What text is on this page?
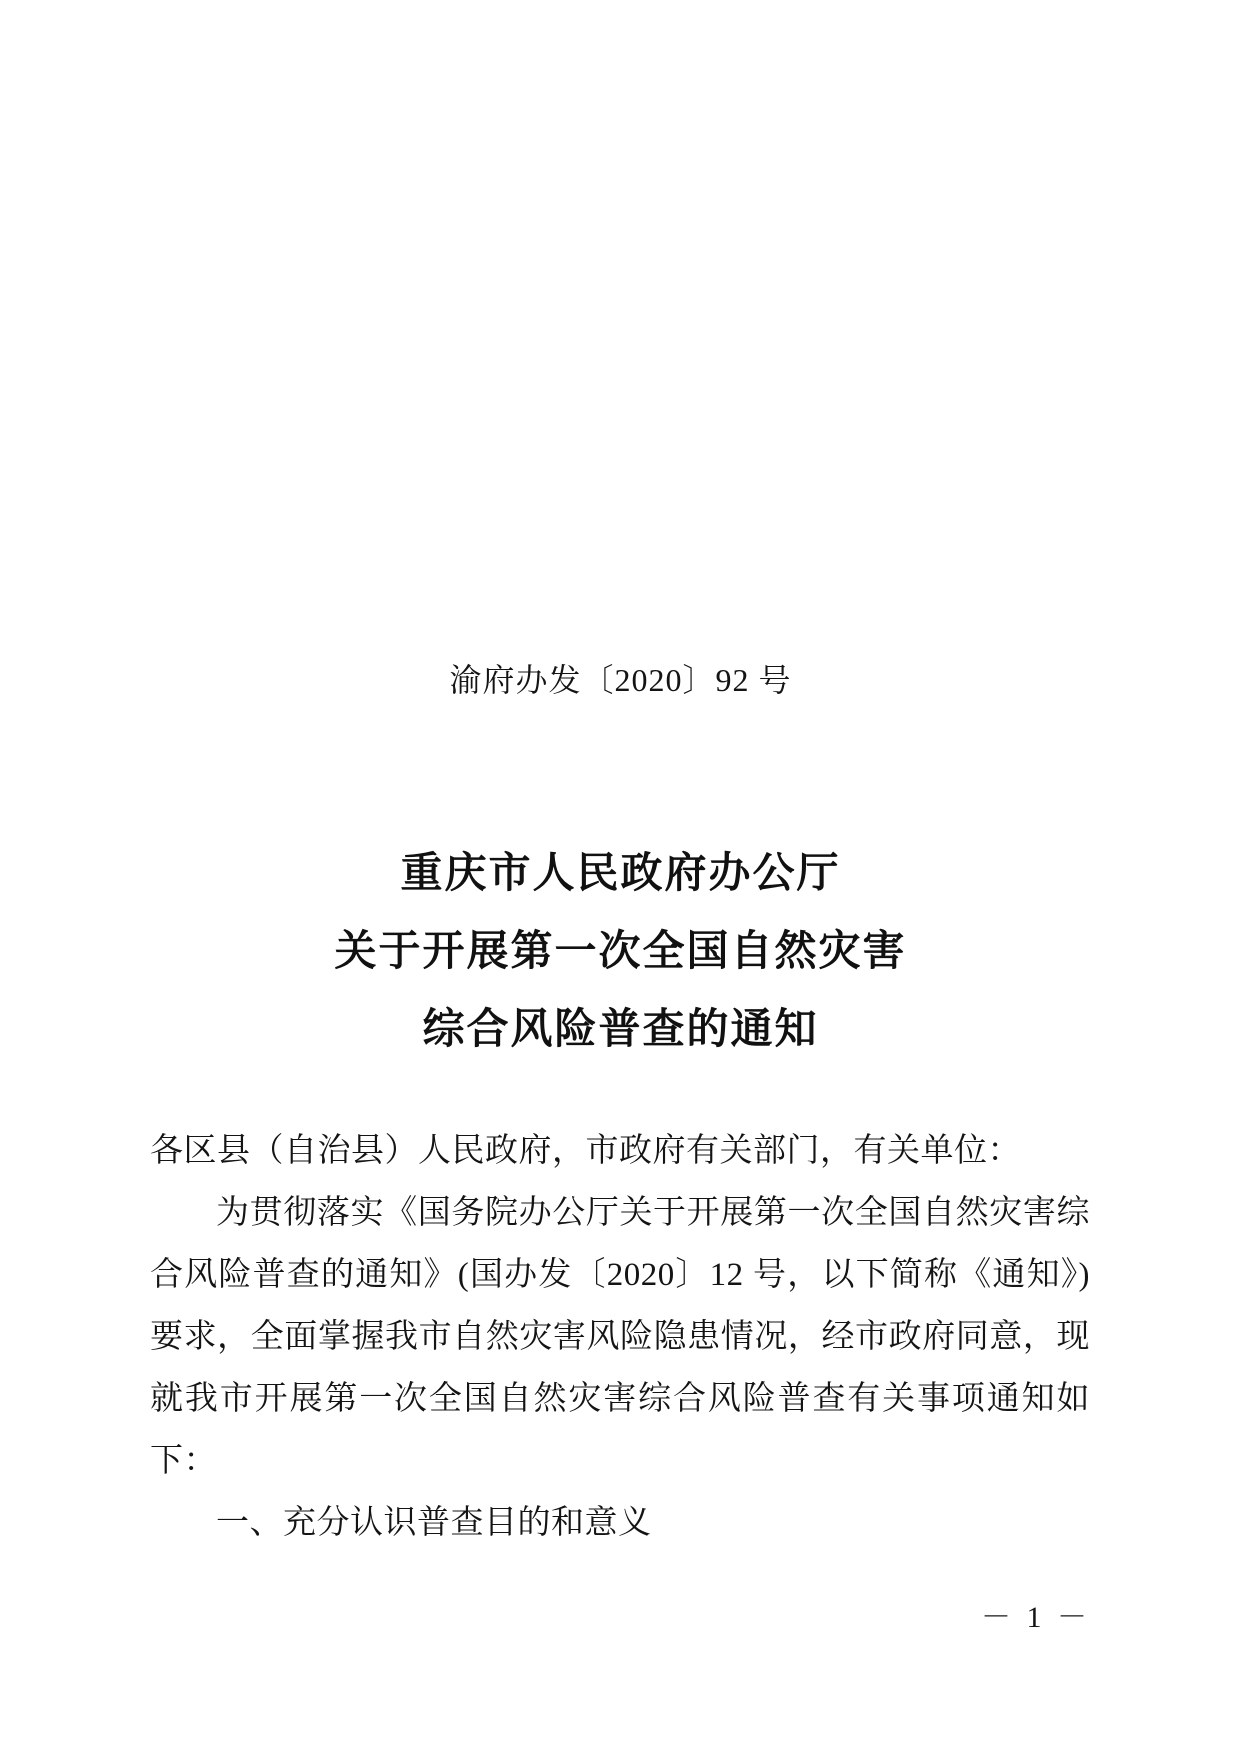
渝府办发〔2020〕92 号
重庆市人民政府办公厅
关于开展第一次全国自然灾害
综合风险普查的通知

各区县（自治县）人民政府，市政府有关部门，有关单位：

为贯彻落实《国务院办公厅关于开展第一次全国自然灾害综合风险普查的通知》(国办发〔2020〕12 号，以下简称《通知》) 要求，全面掌握我市自然灾害风险隐患情况，经市政府同意，现就我市开展第一次全国自然灾害综合风险普查有关事项通知如下：

一、充分认识普查目的和意义

－ 1 －
